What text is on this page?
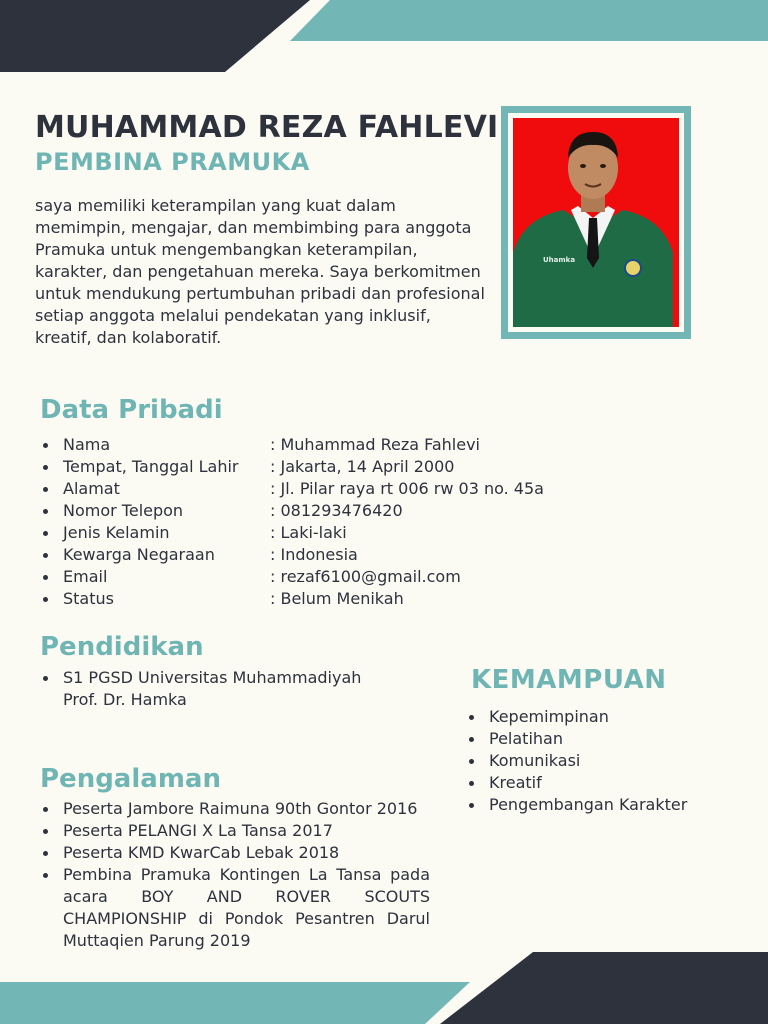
MUHAMMAD REZA FAHLEVI
PEMBINA PRAMUKA

saya memiliki keterampilan yang kuat dalam memimpin, mengajar, dan membimbing para anggota Pramuka untuk mengembangkan keterampilan, karakter, dan pengetahuan mereka. Saya berkomitmen untuk mendukung pertumbuhan pribadi dan profesional setiap anggota melalui pendekatan yang inklusif, kreatif, dan kolaboratif.

Uhamka
Data Pribadi
Nama	: Muhammad Reza Fahlevi
Tempat, Tanggal Lahir : Jakarta, 14 April 2000
Alamat	: Jl. Pilar raya rt 006 rw 03 no. 45a
Nomor Telepon	: 081293476420
Jenis Kelamin	: Laki-laki
Kewarga Negaraan	: Indonesia
Email	: rezaf6100@gmail.com
Status	: Belum Menikah
Pendidikan
S1 PGSD Universitas Muhammadiyah Prof. Dr. Hamka
KEMAMPUAN
Kepemimpinan
Pelatihan
Komunikasi
Kreatif
Pengembangan Karakter
Pengalaman
Peserta Jambore Raimuna 90th Gontor 2016
Peserta PELANGI X La Tansa 2017
Peserta KMD KwarCab Lebak 2018
Pembina Pramuka Kontingen La Tansa pada acara BOY AND ROVER SCOUTS CHAMPIONSHIP di Pondok Pesantren Darul Muttaqien Parung 2019
